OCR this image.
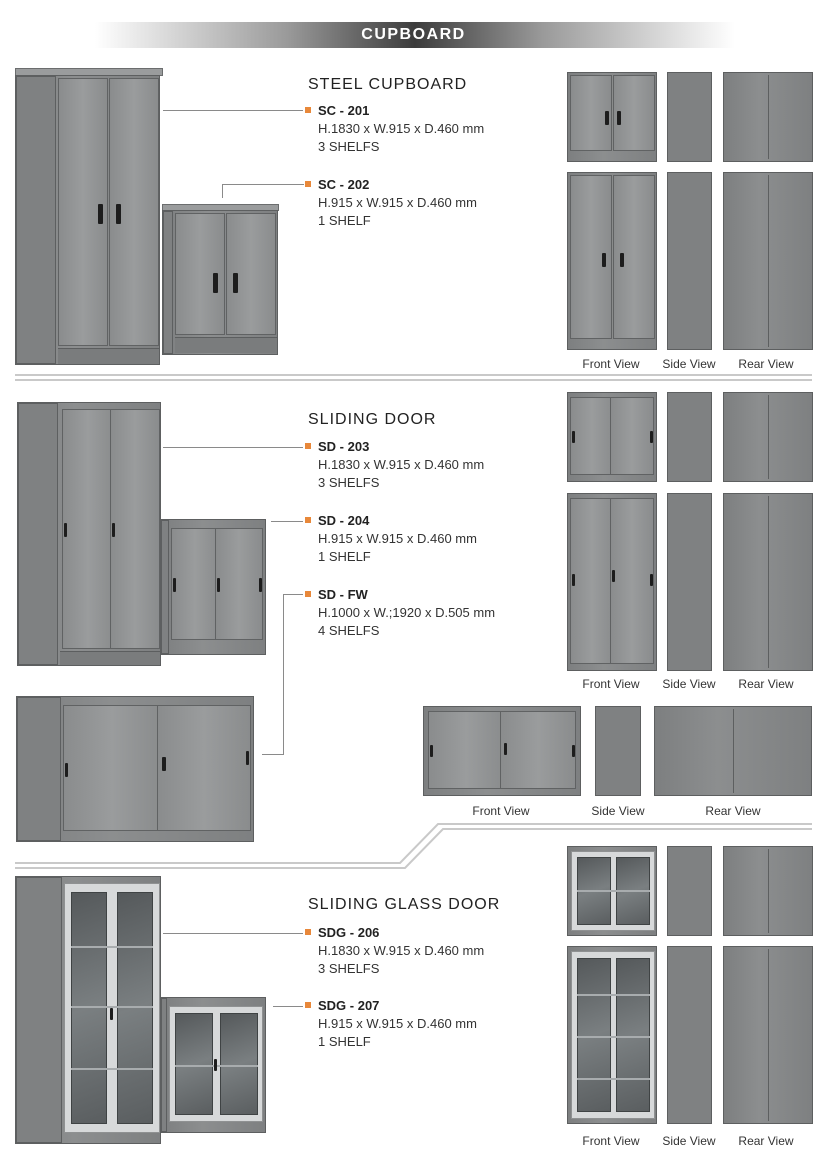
CUPBOARD
STEEL CUPBOARD
SC - 201
H.1830 x W.915 x D.460 mm
3 SHELFS
SC - 202
H.915 x W.915 x D.460 mm
1 SHELF
Front View	Side View	Rear View
SLIDING DOOR
SD - 203
H.1830 x W.915 x D.460 mm
3 SHELFS
SD - 204
H.915 x W.915 x D.460 mm
1 SHELF
SD - FW
H.1000 x W.;1920 x D.505 mm
4 SHELFS
Front View	Side View	Rear View
Front View	Side View	Rear View
SLIDING GLASS DOOR
SDG - 206
H.1830 x W.915 x D.460 mm
3 SHELFS
SDG - 207
H.915 x W.915 x D.460 mm
1 SHELF
Front View	Side View	Rear View
